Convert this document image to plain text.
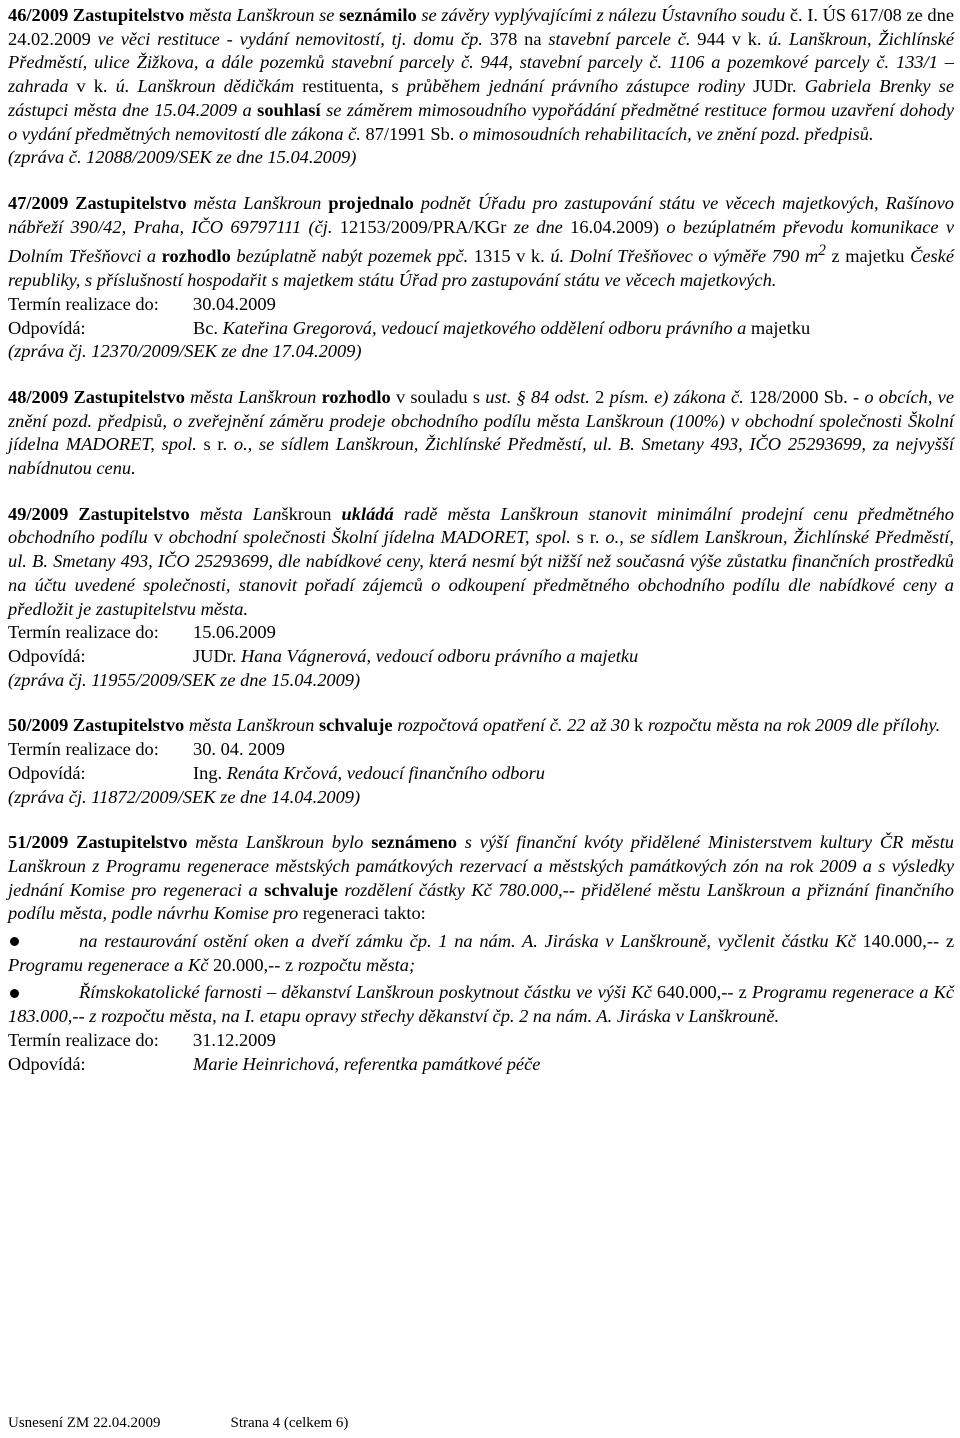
46/2009 Zastupitelstvo města Lanškroun se seznámilo se závěry vyplývajícími z nálezu Ústavního soudu č. I. ÚS 617/08 ze dne 24.02.2009 ve věci restituce - vydání nemovitostí, tj. domu čp. 378 na stavební parcele č. 944 v k. ú. Lanškroun, Žichlínské Předměstí, ulice Žižkova, a dále pozemků stavební parcely č. 944, stavební parcely č. 1106 a pozemkové parcely č. 133/1 – zahrada v k. ú. Lanškroun dědičkám restituenta, s průběhem jednání právního zástupce rodiny JUDr. Gabriela Brenky se zástupci města dne 15.04.2009 a souhlasí se záměrem mimosoudního vypořádání předmětné restituce formou uzavření dohody o vydání předmětných nemovitostí dle zákona č. 87/1991 Sb. o mimosoudních rehabilitacích, ve znění pozd. předpisů.

(zpráva č. 12088/2009/SEK ze dne 15.04.2009)

47/2009 Zastupitelstvo města Lanškroun projednalo podnět Úřadu pro zastupování státu ve věcech majetkových, Rašínovo nábřeží 390/42, Praha, IČO 69797111 (čj. 12153/2009/PRA/KGr ze dne 16.04.2009) o bezúplatném převodu komunikace v Dolním Třešňovci a rozhodlo bezúplatně nabýt pozemek ppč. 1315 v k. ú. Dolní Třešňovec o výměře 790 $m^2$ z majetku České republiky, s příslušností hospodařit s majetkem státu Úřad pro zastupování státu ve věcech majetkových.

Termín realizace do: 30.04.2009
Odpovídá:	Bc. Kateřina Gregorová, vedoucí majetkového oddělení odboru právního a majetku

(zpráva čj. 12370/2009/SEK ze dne 17.04.2009)

48/2009 Zastupitelstvo města Lanškroun rozhodlo v souladu s ust. § 84 odst. 2 písm. e) zákona č. 128/2000 Sb. - o obcích, ve znění pozd. předpisů, o zveřejnění záměru prodeje obchodního podílu města Lanškroun (100%) v obchodní společnosti Školní jídelna MADORET, spol. s r. o., se sídlem Lanškroun, Žichlínské Předměstí, ul. B. Smetany 493, IČO 25293699, za nejvyšší nabídnutou cenu.

49/2009 Zastupitelstvo města Lanškroun ukládá radě města Lanškroun stanovit minimální prodejní cenu předmětného obchodního podílu v obchodní společnosti Školní jídelna MADORET, spol. s r. o., se sídlem Lanškroun, Žichlínské Předměstí, ul. B. Smetany 493, IČO 25293699, dle nabídkové ceny, která nesmí být nižší než současná výše zůstatku finančních prostředků na účtu uvedené společnosti, stanovit pořadí zájemců o odkoupení předmětného obchodního podílu dle nabídkové ceny a předložit je zastupitelstvu města.

Termín realizace do: 15.06.2009
Odpovídá:	JUDr. Hana Vágnerová, vedoucí odboru právního a majetku

(zpráva čj. 11955/2009/SEK ze dne 15.04.2009)

50/2009 Zastupitelstvo města Lanškroun schvaluje rozpočtová opatření č. 22 až 30 k rozpočtu města na rok 2009 dle přílohy.

Termín realizace do: 30. 04. 2009
Odpovídá:	Ing. Renáta Krčová, vedoucí finančního odboru

(zpráva čj. 11872/2009/SEK ze dne 14.04.2009)

51/2009 Zastupitelstvo města Lanškroun bylo seznámeno s výší finanční kvóty přidělené Ministerstvem kultury ČR městu Lanškroun z Programu regenerace městských památkových rezervací a městských památkových zón na rok 2009 a s výsledky jednání Komise pro regeneraci a schvaluje rozdělení částky Kč 780.000,-- přidělené městu Lanškroun a přiznání finančního podílu města, podle návrhu Komise pro regeneraci takto:

na restaurování ostění oken a dveří zámku čp. 1 na nám. A. Jiráska v Lanškrouně, vyčlenit částku Kč 140.000,-- z Programu regenerace a Kč 20.000,-- z rozpočtu města;
Římskokatolické farnosti – děkanství Lanškroun poskytnout částku ve výši Kč 640.000,-- z Programu regenerace a Kč 183.000,-- z rozpočtu města, na I. etapu opravy střechy děkanství čp. 2 na nám. A. Jiráska v Lanškrouně.
Termín realizace do: 31.12.2009
Odpovídá:	Marie Heinrichová, referentka památkové péče
Usnesení ZM 22.04.2009	Strana 4 (celkem 6)
